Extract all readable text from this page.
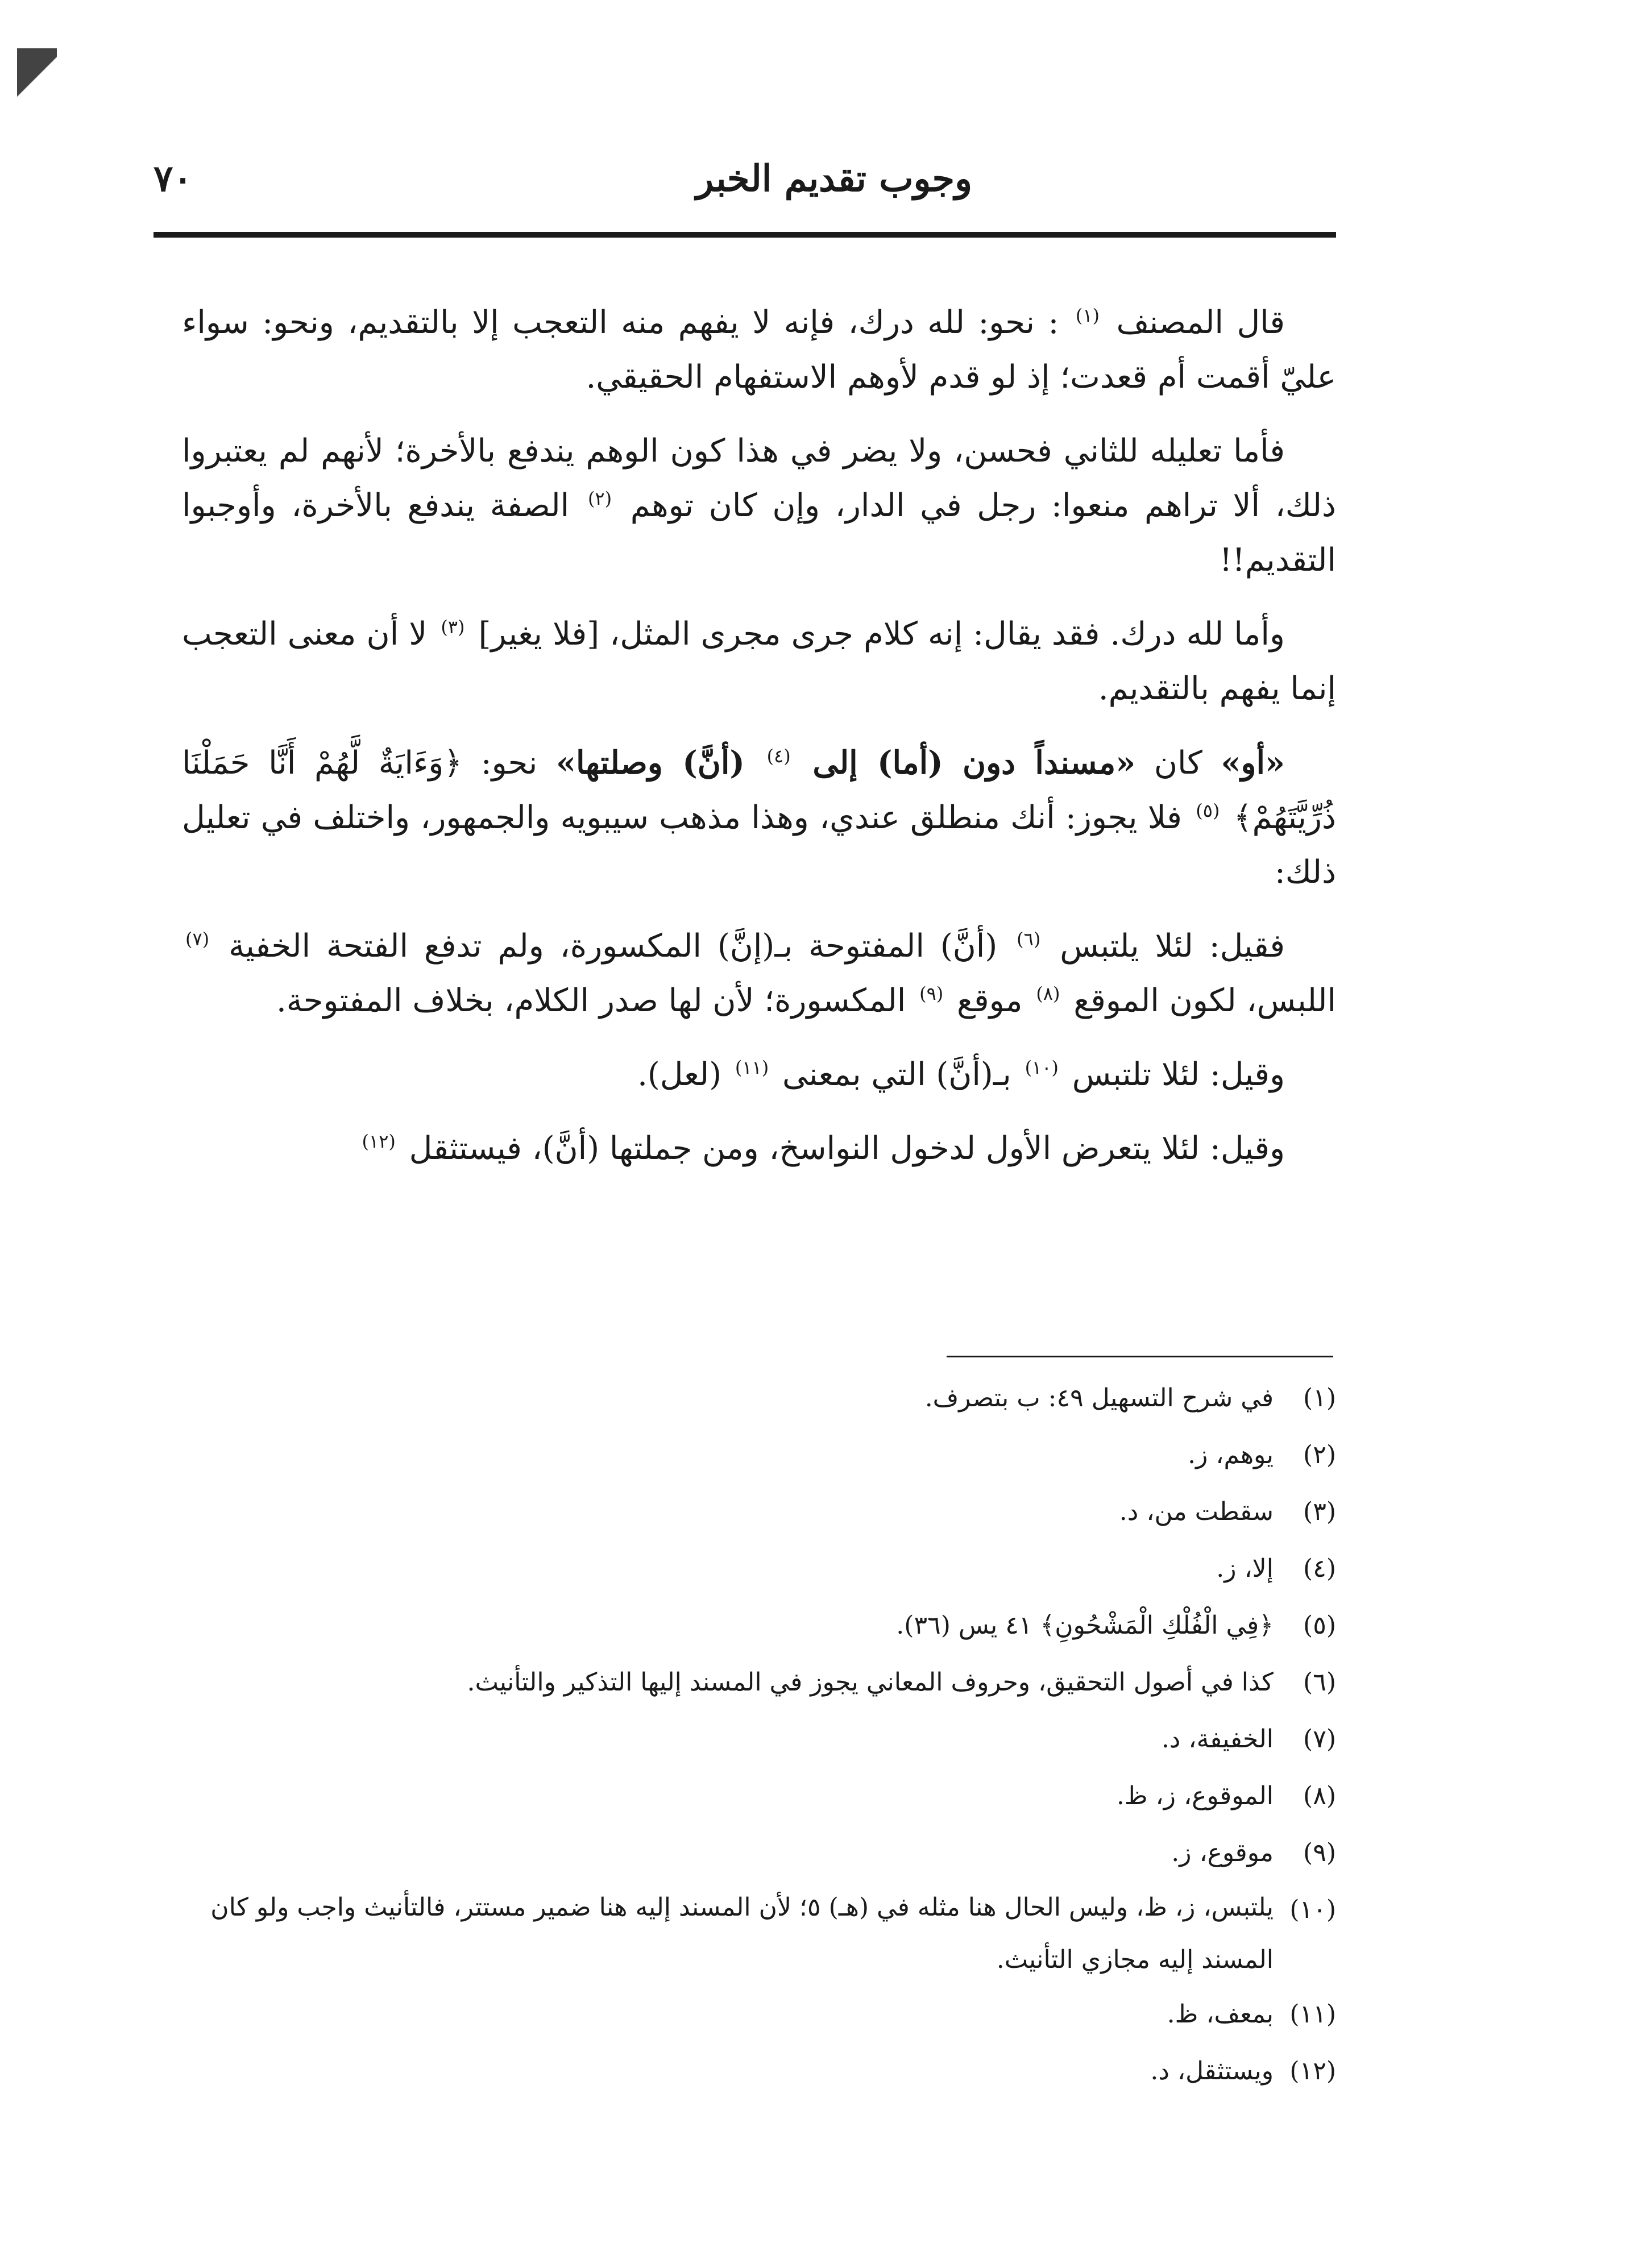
وجوب تقديم الخبر
٧٠

قال المصنف $^{(١)}$ : نحو: لله درك، فإنه لا يفهم منه التعجب إلا بالتقديم، ونحو: سواء عليّ أقمت أم قعدت؛ إذ لو قدم لأوهم الاستفهام الحقيقي.

فأما تعليله للثاني فحسن، ولا يضر في هذا كون الوهم يندفع بالأخرة؛ لأنهم لم يعتبروا ذلك، ألا تراهم منعوا: رجل في الدار، وإن كان توهم $^{(٢)}$ الصفة يندفع بالأخرة، وأوجبوا التقديم!!

وأما لله درك. فقد يقال: إنه كلام جرى مجرى المثل، [فلا يغير] $^{(٣)}$ لا أن معنى التعجب إنما يفهم بالتقديم.

«أو» كان «مسنداً دون (أما) إلى $^{(٤)}$ (أنَّ) وصلتها» نحو: ﴿وَءَايَةٌ لَّهُمْ أَنَّا حَمَلْنَا ذُرِّيَّتَهُمْ﴾ $^{(٥)}$ فلا يجوز: أنك منطلق عندي، وهذا مذهب سيبويه والجمهور، واختلف في تعليل ذلك:

فقيل: لئلا يلتبس $^{(٦)}$ (أنَّ) المفتوحة بـ(إنَّ) المكسورة، ولم تدفع الفتحة الخفية $^{(٧)}$ اللبس، لكون الموقع $^{(٨)}$ موقع $^{(٩)}$ المكسورة؛ لأن لها صدر الكلام، بخلاف المفتوحة.

وقيل: لئلا تلتبس $^{(١٠)}$ بـ(أنَّ) التي بمعنى $^{(١١)}$ (لعل).

وقيل: لئلا يتعرض الأول لدخول النواسخ، ومن جملتها (أنَّ)، فيستثقل $^{(١٢)}$

(١)
في شرح التسهيل ٤٩: ب بتصرف.
(٢)
يوهم، ز.
(٣)
سقطت من، د.
(٤)
إلا، ز.
(٥)
﴿فِي الْفُلْكِ الْمَشْحُونِ﴾ ٤١ يس (٣٦).
(٦)
كذا في أصول التحقيق، وحروف المعاني يجوز في المسند إليها التذكير والتأنيث.
(٧)
الخفيفة، د.
(٨)
الموقوع، ز، ظ.
(٩)
موقوع، ز.
(١٠)
يلتبس، ز، ظ، وليس الحال هنا مثله في (هـ) ٥؛ لأن المسند إليه هنا ضمير مستتر، فالتأنيث واجب ولو كان المسند إليه مجازي التأنيث.
(١١)
بمعف، ظ.
(١٢)
ويستثقل، د.
